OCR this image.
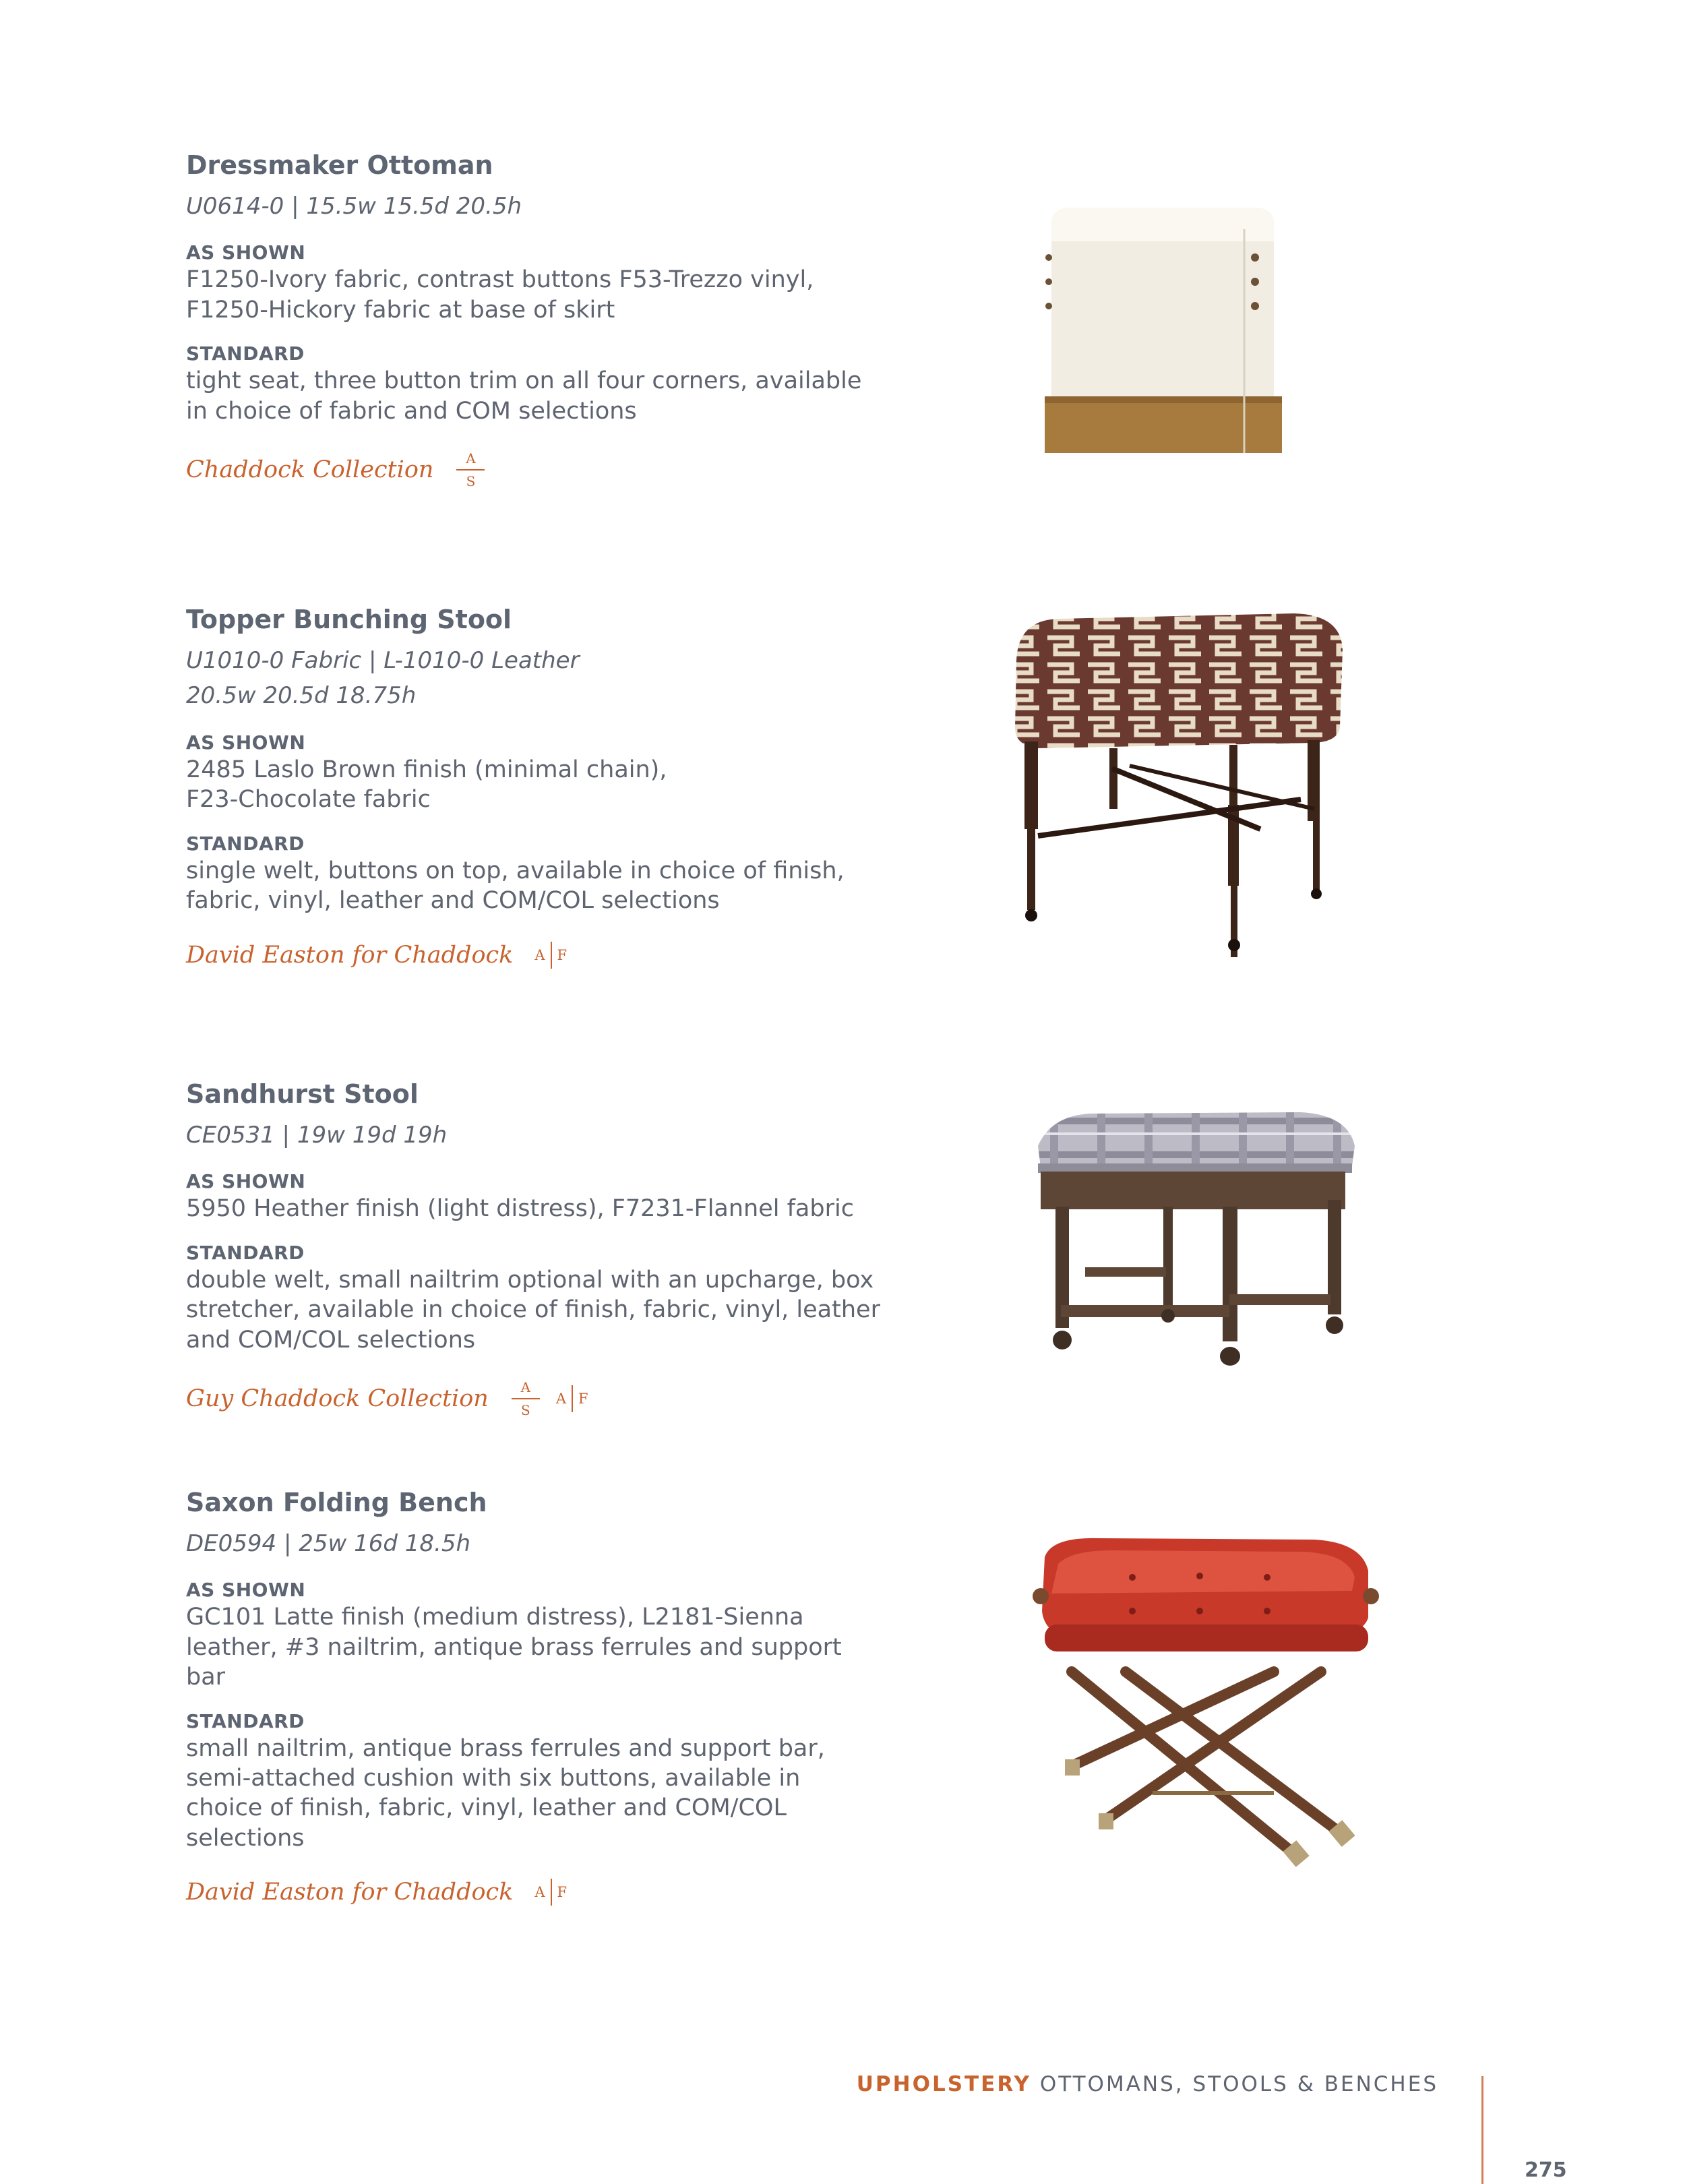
Dressmaker Ottoman
U0614-0 | 15.5w 15.5d 20.5h
AS SHOWN
F1250-Ivory fabric, contrast buttons F53-Trezzo vinyl,
F1250-Hickory fabric at base of skirt
STANDARD
tight seat, three button trim on all four corners, available
in choice of fabric and COM selections
Chaddock Collection $\frac{A}{S}$
Topper Bunching Stool
U1010-0 Fabric | L-1010-0 Leather
20.5w 20.5d 18.75h
AS SHOWN
2485 Laslo Brown finish (minimal chain),
F23-Chocolate fabric
STANDARD
single welt, buttons on top, available in choice of finish,
fabric, vinyl, leather and COM/COL selections
David Easton for Chaddock A F
Sandhurst Stool
CE0531 | 19w 19d 19h
AS SHOWN
5950 Heather finish (light distress), F7231-Flannel fabric
STANDARD
double welt, small nailtrim optional with an upcharge, box
stretcher, available in choice of finish, fabric, vinyl, leather
and COM/COL selections
Guy Chaddock Collection $\frac{A}{S}$ A F
Saxon Folding Bench
DE0594 | 25w 16d 18.5h
AS SHOWN
GC101 Latte finish (medium distress), L2181-Sienna
leather, #3 nailtrim, antique brass ferrules and support
bar
STANDARD
small nailtrim, antique brass ferrules and support bar,
semi-attached cushion with six buttons, available in
choice of finish, fabric, vinyl, leather and COM/COL
selections
David Easton for Chaddock A F
UPHOLSTERY OTTOMANS, STOOLS & BENCHES
275
